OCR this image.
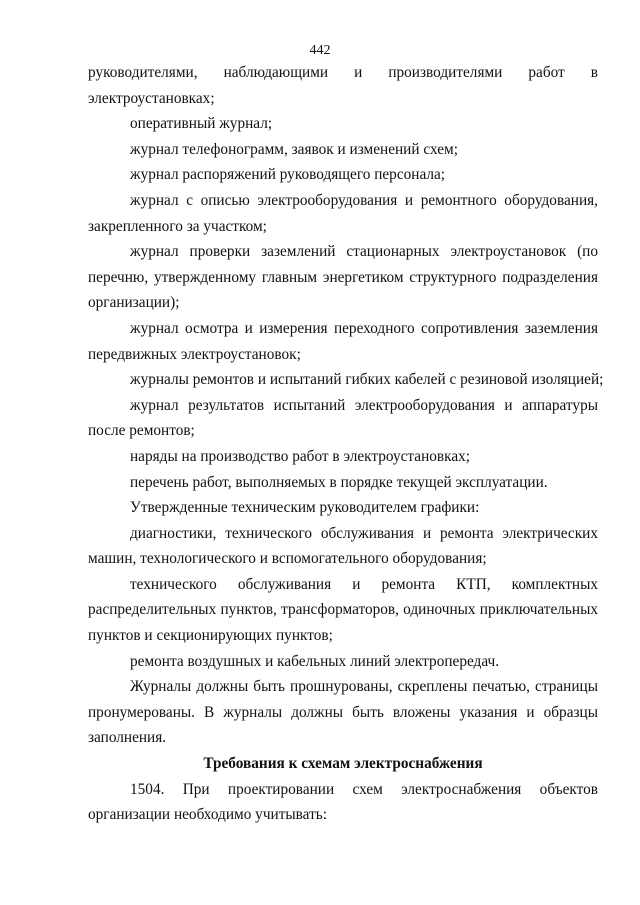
442
руководителями, наблюдающими и производителями работ в
электроустановках;
оперативный журнал;
журнал телефонограмм, заявок и изменений схем;
журнал распоряжений руководящего персонала;
журнал с описью электрооборудования и ремонтного оборудования,
закрепленного за участком;
журнал проверки заземлений стационарных электроустановок (по
перечню, утвержденному главным энергетиком структурного подразделения
организации);
журнал осмотра и измерения переходного сопротивления заземления
передвижных электроустановок;
журналы ремонтов и испытаний гибких кабелей с резиновой изоляцией;
журнал результатов испытаний электрооборудования и аппаратуры
после ремонтов;
наряды на производство работ в электроустановках;
перечень работ, выполняемых в порядке текущей эксплуатации.
Утвержденные техническим руководителем графики:
диагностики, технического обслуживания и ремонта электрических
машин, технологического и вспомогательного оборудования;
технического обслуживания и ремонта КТП, комплектных
распределительных пунктов, трансформаторов, одиночных приключательных
пунктов и секционирующих пунктов;
ремонта воздушных и кабельных линий электропередач.
Журналы должны быть прошнурованы, скреплены печатью, страницы
пронумерованы. В журналы должны быть вложены указания и образцы
заполнения.
Требования к схемам электроснабжения
1504. При проектировании схем электроснабжения объектов
организации необходимо учитывать:
